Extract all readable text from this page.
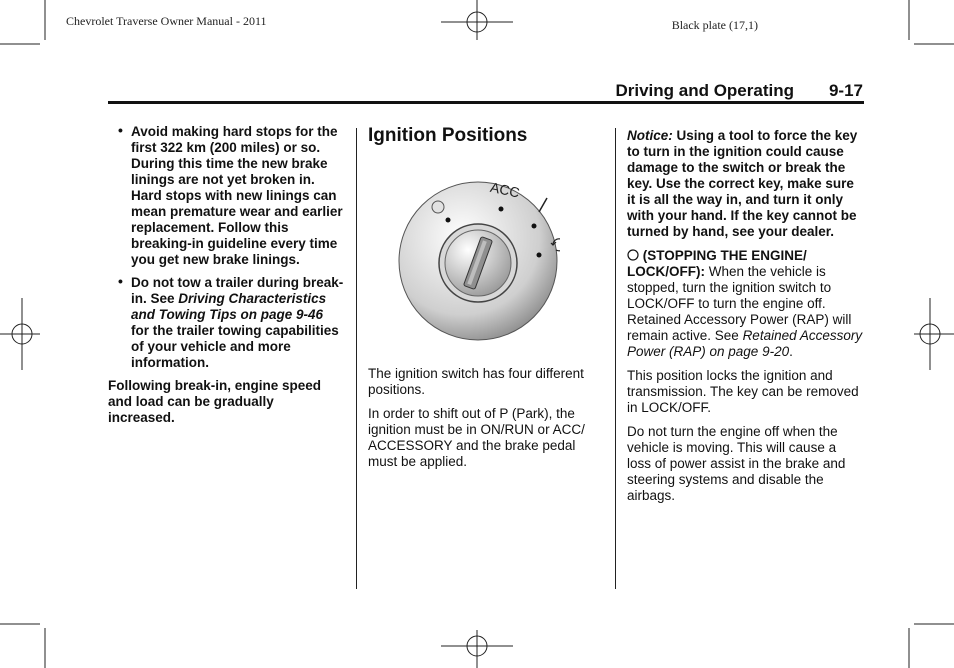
Chevrolet Traverse Owner Manual - 2011	Black plate (17,1)
Driving and Operating 9-17
• Avoid making hard stops for the first 322 km (200 miles) or so. During this time the new brake linings are not yet broken in. Hard stops with new linings can mean premature wear and earlier replacement. Follow this breaking-in guideline every time you get new brake linings.
• Do not tow a trailer during break-in. See Driving Characteristics and Towing Tips on page 9-46 for the trailer towing capabilities of your vehicle and more information.
Following break-in, engine speed and load can be gradually increased.
Ignition Positions
ACC

The ignition switch has four different positions.

In order to shift out of P (Park), the ignition must be in ON/RUN or ACC/ ACCESSORY and the brake pedal must be applied.

Notice: Using a tool to force the key to turn in the ignition could cause damage to the switch or break the key. Use the correct key, make sure it is all the way in, and turn it only with your hand. If the key cannot be turned by hand, see your dealer.

(STOPPING THE ENGINE/ LOCK/OFF): When the vehicle is stopped, turn the ignition switch to LOCK/OFF to turn the engine off. Retained Accessory Power (RAP) will remain active. See Retained Accessory Power (RAP) on page 9-20.

This position locks the ignition and transmission. The key can be removed in LOCK/OFF.

Do not turn the engine off when the vehicle is moving. This will cause a loss of power assist in the brake and steering systems and disable the airbags.
